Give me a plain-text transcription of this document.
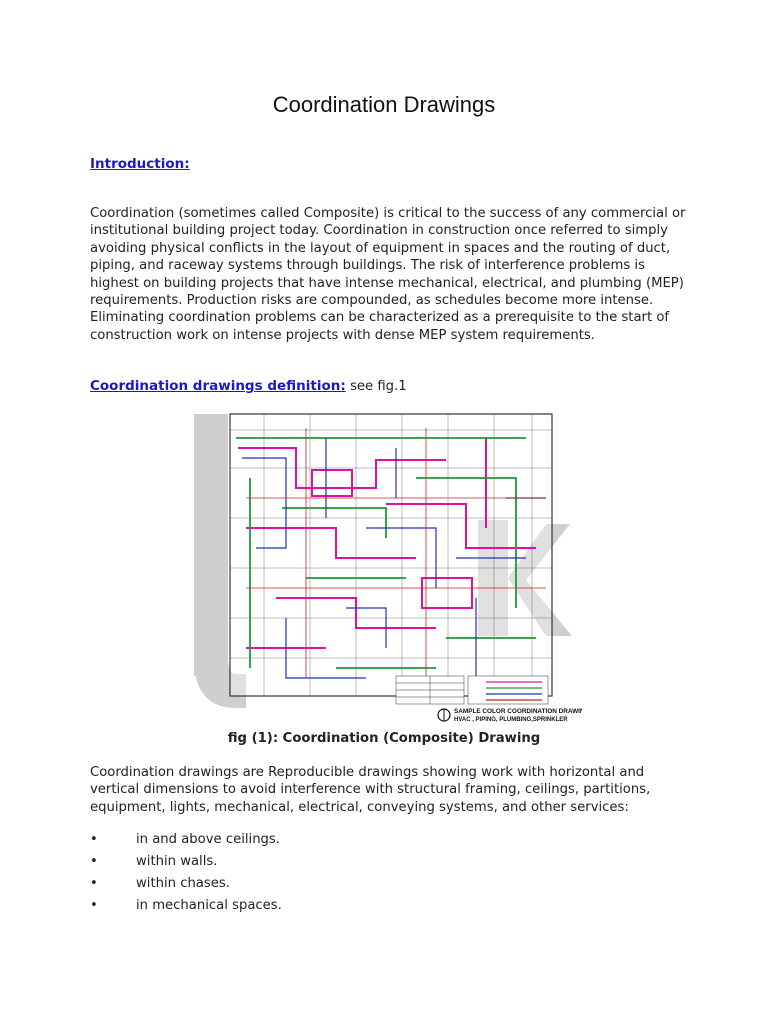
Coordination Drawings
Introduction:

Coordination (sometimes called Composite) is critical to the success of any commercial or institutional building project today. Coordination in construction once referred to simply avoiding physical conflicts in the layout of equipment in spaces and the routing of duct, piping, and raceway systems through buildings. The risk of interference problems is highest on building projects that have intense mechanical, electrical, and plumbing (MEP) requirements. Production risks are compounded, as schedules become more intense. Eliminating coordination problems can be characterized as a prerequisite to the start of construction work on intense projects with dense MEP system requirements.

Coordination drawings definition: see fig.1
SAMPLE COLOR COORDINATION DRAWING
HVAC , PIPING, PLUMBING,SPRINKLER
fig (1): Coordination (Composite) Drawing

Coordination drawings are Reproducible drawings showing work with horizontal and vertical dimensions to avoid interference with structural framing, ceilings, partitions, equipment, lights, mechanical, electrical, conveying systems, and other services:

•	in and above ceilings.
•	within walls.
•	within chases.
•	in mechanical spaces.
